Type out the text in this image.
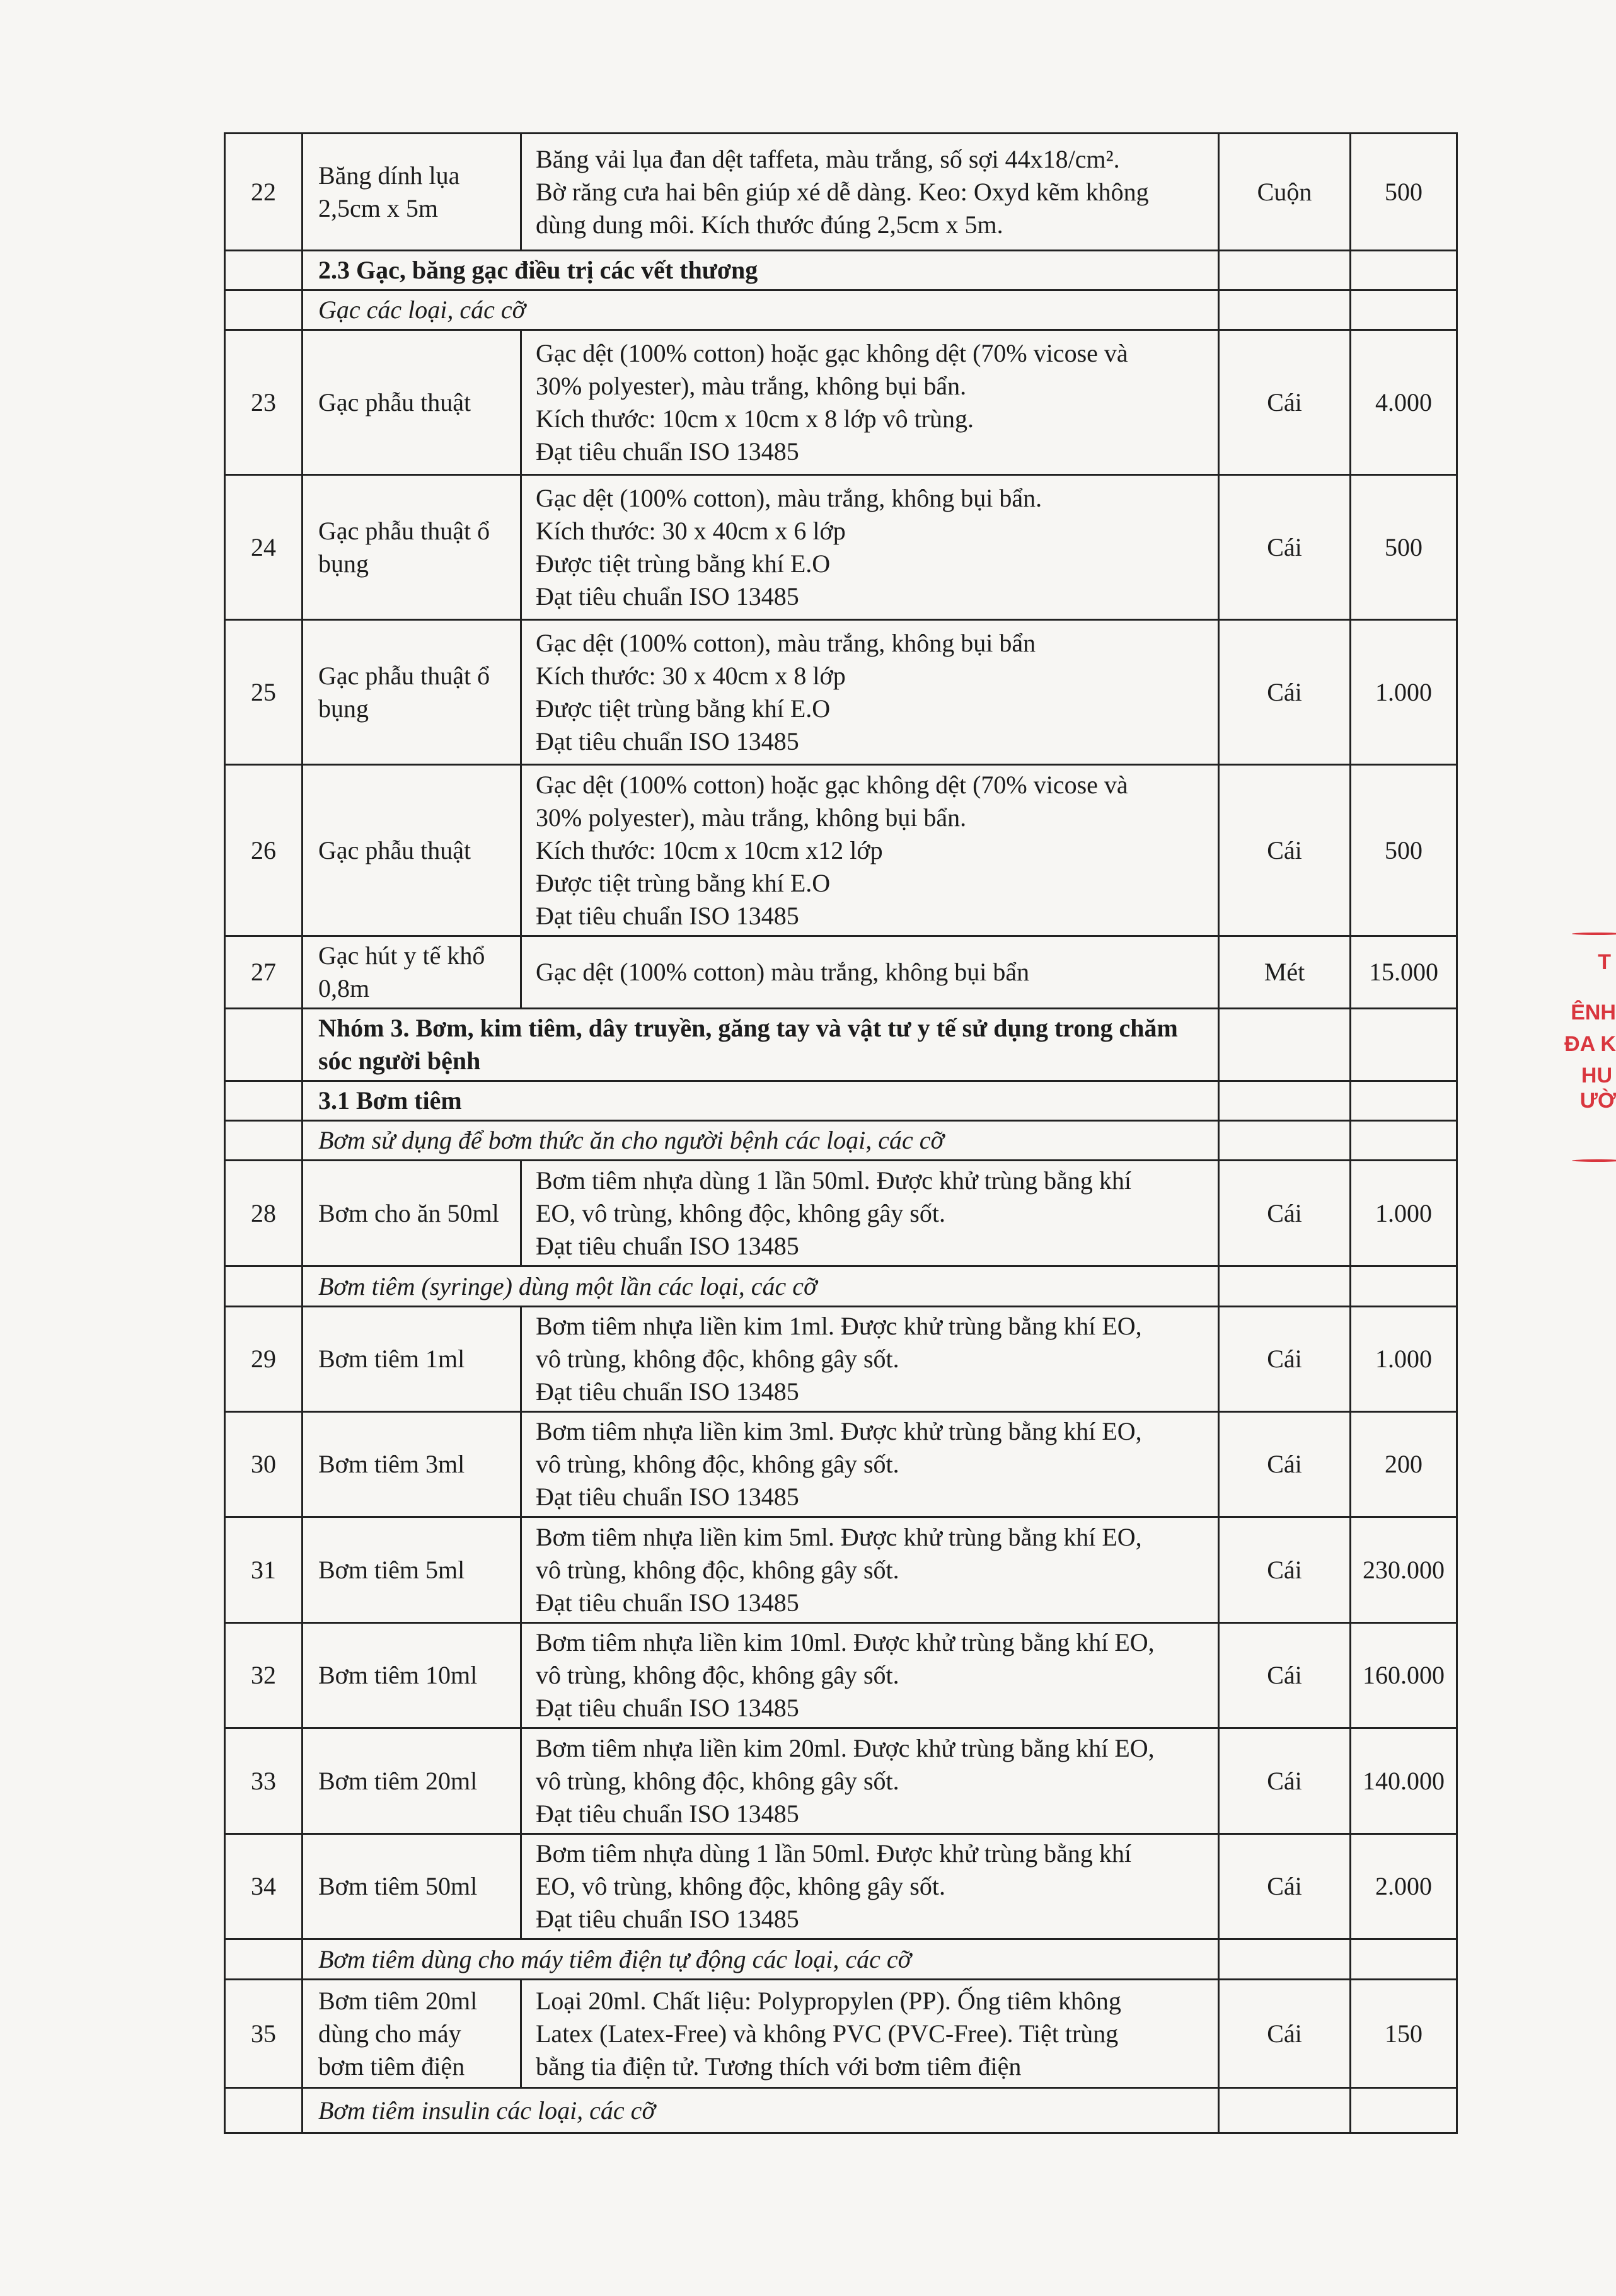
22	Băng dính lụa 2,5cm x 5m	Băng vải lụa đan dệt taffeta, màu trắng, số sợi 44x18/cm².
Bờ răng cưa hai bên giúp xé dễ dàng. Keo: Oxyd kẽm không
dùng dung môi. Kích thước đúng 2,5cm x 5m.	Cuộn	500
	2.3 Gạc, băng gạc điều trị các vết thương			
	Gạc các loại, các cỡ			
23	Gạc phẫu thuật	Gạc dệt (100% cotton) hoặc gạc không dệt (70% vicose và
30% polyester), màu trắng, không bụi bẩn.
Kích thước: 10cm x 10cm x 8 lớp vô trùng.
Đạt tiêu chuẩn ISO 13485	Cái	4.000
24	Gạc phẫu thuật ổ bụng	Gạc dệt (100% cotton), màu trắng, không bụi bẩn.
Kích thước: 30 x 40cm x 6 lớp
Được tiệt trùng bằng khí E.O
Đạt tiêu chuẩn ISO 13485	Cái	500
25	Gạc phẫu thuật ổ bụng	Gạc dệt (100% cotton), màu trắng, không bụi bẩn
Kích thước: 30 x 40cm x 8 lớp
Được tiệt trùng bằng khí E.O
Đạt tiêu chuẩn ISO 13485	Cái	1.000
26	Gạc phẫu thuật	Gạc dệt (100% cotton) hoặc gạc không dệt (70% vicose và
30% polyester), màu trắng, không bụi bẩn.
Kích thước: 10cm x 10cm x12 lớp
Được tiệt trùng bằng khí E.O
Đạt tiêu chuẩn ISO 13485	Cái	500
27	Gạc hút y tế khổ 0,8m	Gạc dệt (100% cotton) màu trắng, không bụi bẩn	Mét	15.000
	Nhóm 3. Bơm, kim tiêm, dây truyền, găng tay và vật tư y tế sử dụng trong chăm sóc người bệnh			
	3.1 Bơm tiêm			
	Bơm sử dụng để bơm thức ăn cho người bệnh các loại, các cỡ			
28	Bơm cho ăn 50ml	Bơm tiêm nhựa dùng 1 lần 50ml. Được khử trùng bằng khí
EO, vô trùng, không độc, không gây sốt.
Đạt tiêu chuẩn ISO 13485	Cái	1.000
	Bơm tiêm (syringe) dùng một lần các loại, các cỡ			
29	Bơm tiêm 1ml	Bơm tiêm nhựa liền kim 1ml. Được khử trùng bằng khí EO,
vô trùng, không độc, không gây sốt.
Đạt tiêu chuẩn ISO 13485	Cái	1.000
30	Bơm tiêm 3ml	Bơm tiêm nhựa liền kim 3ml. Được khử trùng bằng khí EO,
vô trùng, không độc, không gây sốt.
Đạt tiêu chuẩn ISO 13485	Cái	200
31	Bơm tiêm 5ml	Bơm tiêm nhựa liền kim 5ml. Được khử trùng bằng khí EO,
vô trùng, không độc, không gây sốt.
Đạt tiêu chuẩn ISO 13485	Cái	230.000
32	Bơm tiêm 10ml	Bơm tiêm nhựa liền kim 10ml. Được khử trùng bằng khí EO,
vô trùng, không độc, không gây sốt.
Đạt tiêu chuẩn ISO 13485	Cái	160.000
33	Bơm tiêm 20ml	Bơm tiêm nhựa liền kim 20ml. Được khử trùng bằng khí EO,
vô trùng, không độc, không gây sốt.
Đạt tiêu chuẩn ISO 13485	Cái	140.000
34	Bơm tiêm 50ml	Bơm tiêm nhựa dùng 1 lần 50ml. Được khử trùng bằng khí
EO, vô trùng, không độc, không gây sốt.
Đạt tiêu chuẩn ISO 13485	Cái	2.000
	Bơm tiêm dùng cho máy tiêm điện tự động các loại, các cỡ			
35	Bơm tiêm 20ml dùng cho máy bơm tiêm điện	Loại 20ml. Chất liệu: Polypropylen (PP). Ống tiêm không
Latex (Latex-Free) và không PVC (PVC-Free). Tiệt trùng
bằng tia điện tử. Tương thích với bơm tiêm điện	Cái	150
	Bơm tiêm insulin các loại, các cỡ			
T
ÊNH
ĐA K
HU
ƯỜ
